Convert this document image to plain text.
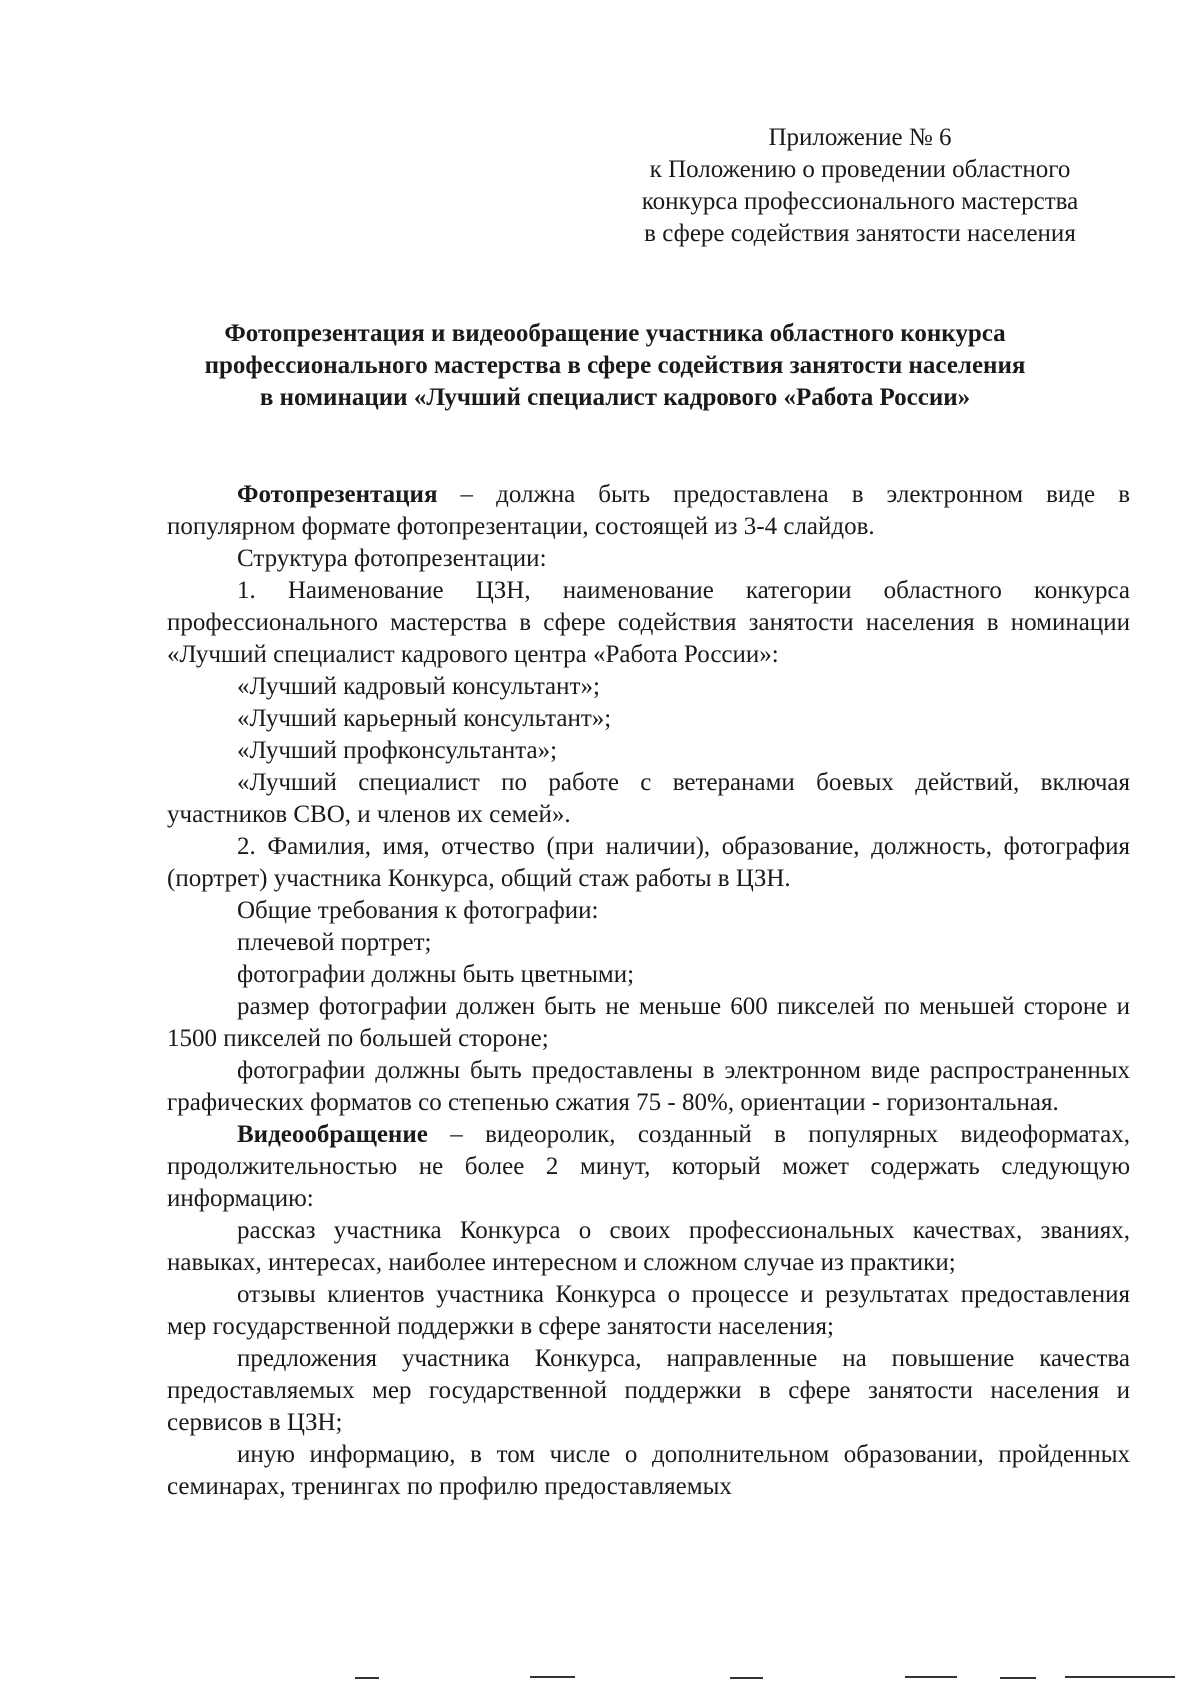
Приложение № 6
к Положению о проведении областного
конкурса профессионального мастерства
в сфере содействия занятости населения
Фотопрезентация и видеообращение участника областного конкурса
профессионального мастерства в сфере содействия занятости населения
в номинации «Лучший специалист кадрового «Работа России»

Фотопрезентация – должна быть предоставлена в электронном виде в популярном формате фотопрезентации, состоящей из 3-4 слайдов.

Структура фотопрезентации:

1. Наименование ЦЗН, наименование категории областного конкурса профессионального мастерства в сфере содействия занятости населения в номинации «Лучший специалист кадрового центра «Работа России»:

«Лучший кадровый консультант»;

«Лучший карьерный консультант»;

«Лучший профконсультанта»;

«Лучший специалист по работе с ветеранами боевых действий, включая участников СВО, и членов их семей».

2. Фамилия, имя, отчество (при наличии), образование, должность, фотография (портрет) участника Конкурса, общий стаж работы в ЦЗН.

Общие требования к фотографии:

плечевой портрет;

фотографии должны быть цветными;

размер фотографии должен быть не меньше 600 пикселей по меньшей стороне и 1500 пикселей по большей стороне;

фотографии должны быть предоставлены в электронном виде распространенных графических форматов со степенью сжатия 75 - 80%, ориентации - горизонтальная.

Видеообращение – видеоролик, созданный в популярных видеоформатах, продолжительностью не более 2 минут, который может содержать следующую информацию:

рассказ участника Конкурса о своих профессиональных качествах, званиях, навыках, интересах, наиболее интересном и сложном случае из практики;

отзывы клиентов участника Конкурса о процессе и результатах предоставления мер государственной поддержки в сфере занятости населения;

предложения участника Конкурса, направленные на повышение качества предоставляемых мер государственной поддержки в сфере занятости населения и сервисов в ЦЗН;

иную информацию, в том числе о дополнительном образовании, пройденных семинарах, тренингах по профилю предоставляемых
